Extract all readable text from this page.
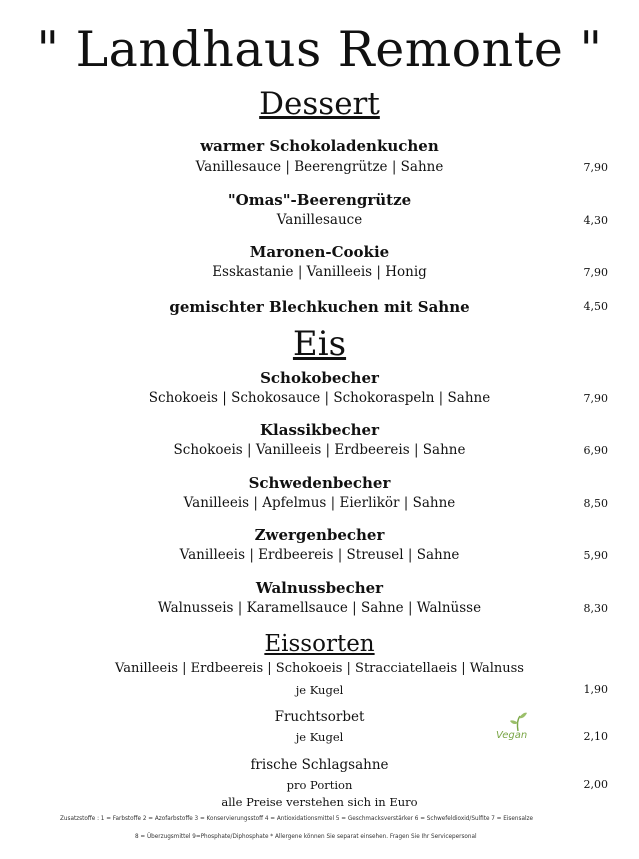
" Landhaus Remonte "
Dessert
warmer Schokoladenkuchen
Vanillesauce | Beerengrütze | Sahne	7,90
"Omas"-Beerengrütze
Vanillesauce	4,30
Maronen-Cookie
Esskastanie | Vanilleeis | Honig	7,90
gemischter Blechkuchen mit Sahne	4,50
Eis
Schokobecher
Schokoeis | Schokosauce | Schokoraspeln | Sahne	7,90
Klassikbecher
Schokoeis | Vanilleeis | Erdbeereis | Sahne	6,90
Schwedenbecher
Vanilleeis | Apfelmus | Eierlikör | Sahne	8,50
Zwergenbecher
Vanilleeis | Erdbeereis | Streusel | Sahne	5,90
Walnussbecher
Walnusseis | Karamellsauce | Sahne | Walnüsse	8,30
Eissorten
Vanilleeis | Erdbeereis | Schokoeis | Stracciatellaeis | Walnuss
je Kugel	1,90
Fruchtsorbet
je Kugel	Vegan	2,10
frische Schlagsahne
pro Portion	2,00
alle Preise verstehen sich in Euro
Zusatzstoffe : 1 = Farbstoffe 2 = Azofarbstoffe 3 = Konservierungsstoff 4 = Antioxidationsmittel 5 = Geschmacksverstärker 6 = Schwefeldioxid/Sulfite 7 = Eisensalze
8 = Überzugsmittel 9=Phosphate/Diphosphate * Allergene können Sie separat einsehen. Fragen Sie Ihr Servicepersonal
